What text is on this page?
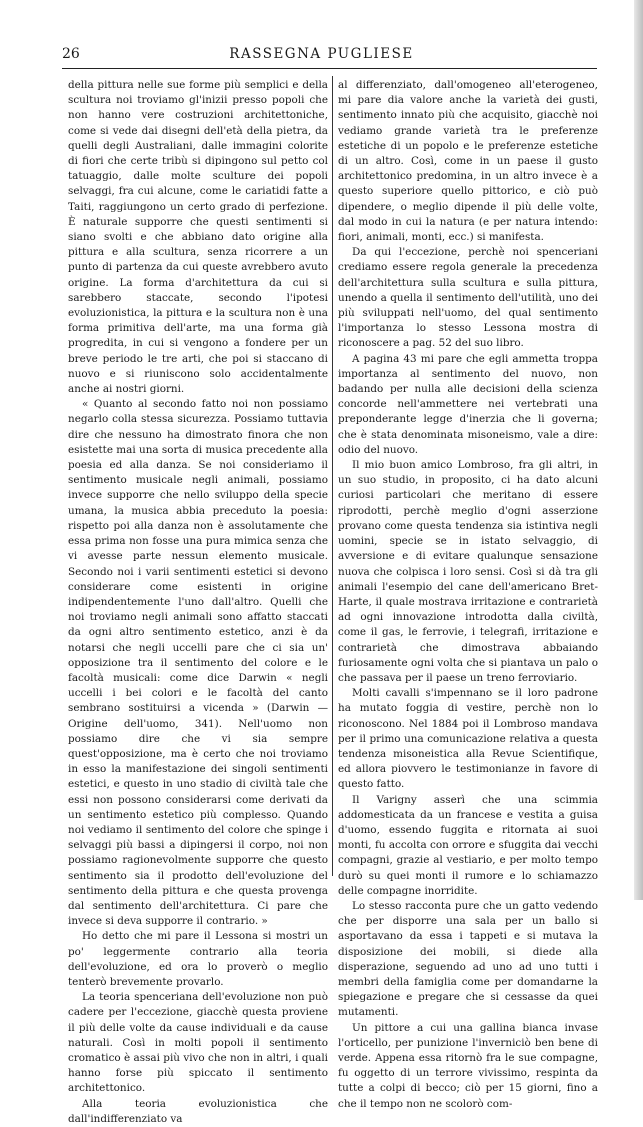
26	RASSEGNA PUGLIESE

della pittura nelle sue forme più semplici e della scultura noi troviamo gl'inizii presso popoli che non hanno vere costruzioni architettoniche, come si vede dai disegni dell'età della pietra, da quelli degli Australiani, dalle immagini colorite di fiori che certe tribù si dipingono sul petto col tatuaggio, dalle molte sculture dei popoli selvaggi, fra cui alcune, come le cariatidi fatte a Taiti, raggiungono un certo grado di perfezione. È naturale supporre che questi sentimenti si siano svolti e che abbiano dato origine alla pittura e alla scultura, senza ricorrere a un punto di partenza da cui queste avrebbero avuto origine. La forma d'architettura da cui si sarebbero staccate, secondo l'ipotesi evoluzionistica, la pittura e la scultura non è una forma primitiva dell'arte, ma una forma già progredita, in cui si vengono a fondere per un breve periodo le tre arti, che poi si staccano di nuovo e si riuniscono solo accidentalmente anche ai nostri giorni.

« Quanto al secondo fatto noi non possiamo negarlo colla stessa sicurezza. Possiamo tuttavia dire che nessuno ha dimostrato finora che non esistette mai una sorta di musica precedente alla poesia ed alla danza. Se noi consideriamo il sentimento musicale negli animali, possiamo invece supporre che nello sviluppo della specie umana, la musica abbia preceduto la poesia: rispetto poi alla danza non è assolutamente che essa prima non fosse una pura mimica senza che vi avesse parte nessun elemento musicale. Secondo noi i varii sentimenti estetici si devono considerare come esistenti in origine indipendentemente l'uno dall'altro. Quelli che noi troviamo negli animali sono affatto staccati da ogni altro sentimento estetico, anzi è da notarsi che negli uccelli pare che ci sia un' opposizione tra il sentimento del colore e le facoltà musicali: come dice Darwin « negli uccelli i bei colori e le facoltà del canto sembrano sostituirsi a vicenda » (Darwin — Origine dell'uomo, 341). Nell'uomo non possiamo dire che vi sia sempre quest'opposizione, ma è certo che noi troviamo in esso la manifestazione dei singoli sentimenti estetici, e questo in uno stadio di civiltà tale che essi non possono considerarsi come derivati da un sentimento estetico più complesso. Quando noi vediamo il sentimento del colore che spinge i selvaggi più bassi a dipingersi il corpo, noi non possiamo ragionevolmente supporre che questo sentimento sia il prodotto dell'evoluzione del sentimento della pittura e che questa provenga dal sentimento dell'architettura. Ci pare che invece si deva supporre il contrario. »

Ho detto che mi pare il Lessona si mostri un po' leggermente contrario alla teoria dell'evoluzione, ed ora lo proverò o meglio tenterò brevemente provarlo.

La teoria spenceriana dell'evoluzione non può cadere per l'eccezione, giacchè questa proviene il più delle volte da cause individuali e da cause naturali. Così in molti popoli il sentimento cromatico è assai più vivo che non in altri, i quali hanno forse più spiccato il sentimento architettonico.

Alla teoria evoluzionistica che dall'indifferenziato va

al differenziato, dall'omogeneo all'eterogeneo, mi pare dia valore anche la varietà dei gusti, sentimento innato più che acquisito, giacchè noi vediamo grande varietà tra le preferenze estetiche di un popolo e le preferenze estetiche di un altro. Così, come in un paese il gusto architettonico predomina, in un altro invece è a questo superiore quello pittorico, e ciò può dipendere, o meglio dipende il più delle volte, dal modo in cui la natura (e per natura intendo: fiori, animali, monti, ecc.) si manifesta.

Da qui l'eccezione, perchè noi spenceriani crediamo essere regola generale la precedenza dell'architettura sulla scultura e sulla pittura, unendo a quella il sentimento dell'utilità, uno dei più sviluppati nell'uomo, del qual sentimento l'importanza lo stesso Lessona mostra di riconoscere a pag. 52 del suo libro.

A pagina 43 mi pare che egli ammetta troppa importanza al sentimento del nuovo, non badando per nulla alle decisioni della scienza concorde nell'ammettere nei vertebrati una preponderante legge d'inerzia che li governa; che è stata denominata misoneismo, vale a dire: odio del nuovo.

Il mio buon amico Lombroso, fra gli altri, in un suo studio, in proposito, ci ha dato alcuni curiosi particolari che meritano di essere riprodotti, perchè meglio d'ogni asserzione provano come questa tendenza sia istintiva negli uomini, specie se in istato selvaggio, di avversione e di evitare qualunque sensazione nuova che colpisca i loro sensi. Così si dà tra gli animali l'esempio del cane dell'americano Bret-Harte, il quale mostrava irritazione e contrarietà ad ogni innovazione introdotta dalla civiltà, come il gas, le ferrovie, i telegrafi, irritazione e contrarietà che dimostrava abbaiando furiosamente ogni volta che si piantava un palo o che passava per il paese un treno ferroviario.

Molti cavalli s'impennano se il loro padrone ha mutato foggia di vestire, perchè non lo riconoscono. Nel 1884 poi il Lombroso mandava per il primo una comunicazione relativa a questa tendenza misoneistica alla Revue Scientifique, ed allora piovvero le testimonianze in favore di questo fatto.

Il Varigny asserì che una scimmia addomesticata da un francese e vestita a guisa d'uomo, essendo fuggita e ritornata ai suoi monti, fu accolta con orrore e sfuggita dai vecchi compagni, grazie al vestiario, e per molto tempo durò su quei monti il rumore e lo schiamazzo delle compagne inorridite.

Lo stesso racconta pure che un gatto vedendo che per disporre una sala per un ballo si asportavano da essa i tappeti e si mutava la disposizione dei mobili, si diede alla disperazione, seguendo ad uno ad uno tutti i membri della famiglia come per domandarne la spiegazione e pregare che si cessasse da quei mutamenti.

Un pittore a cui una gallina bianca invase l'orticello, per punizione l'inverniciò ben bene di verde. Appena essa ritornò fra le sue compagne, fu oggetto di un terrore vivissimo, respinta da tutte a colpi di becco; ciò per 15 giorni, fino a che il tempo non ne scolorò com-
